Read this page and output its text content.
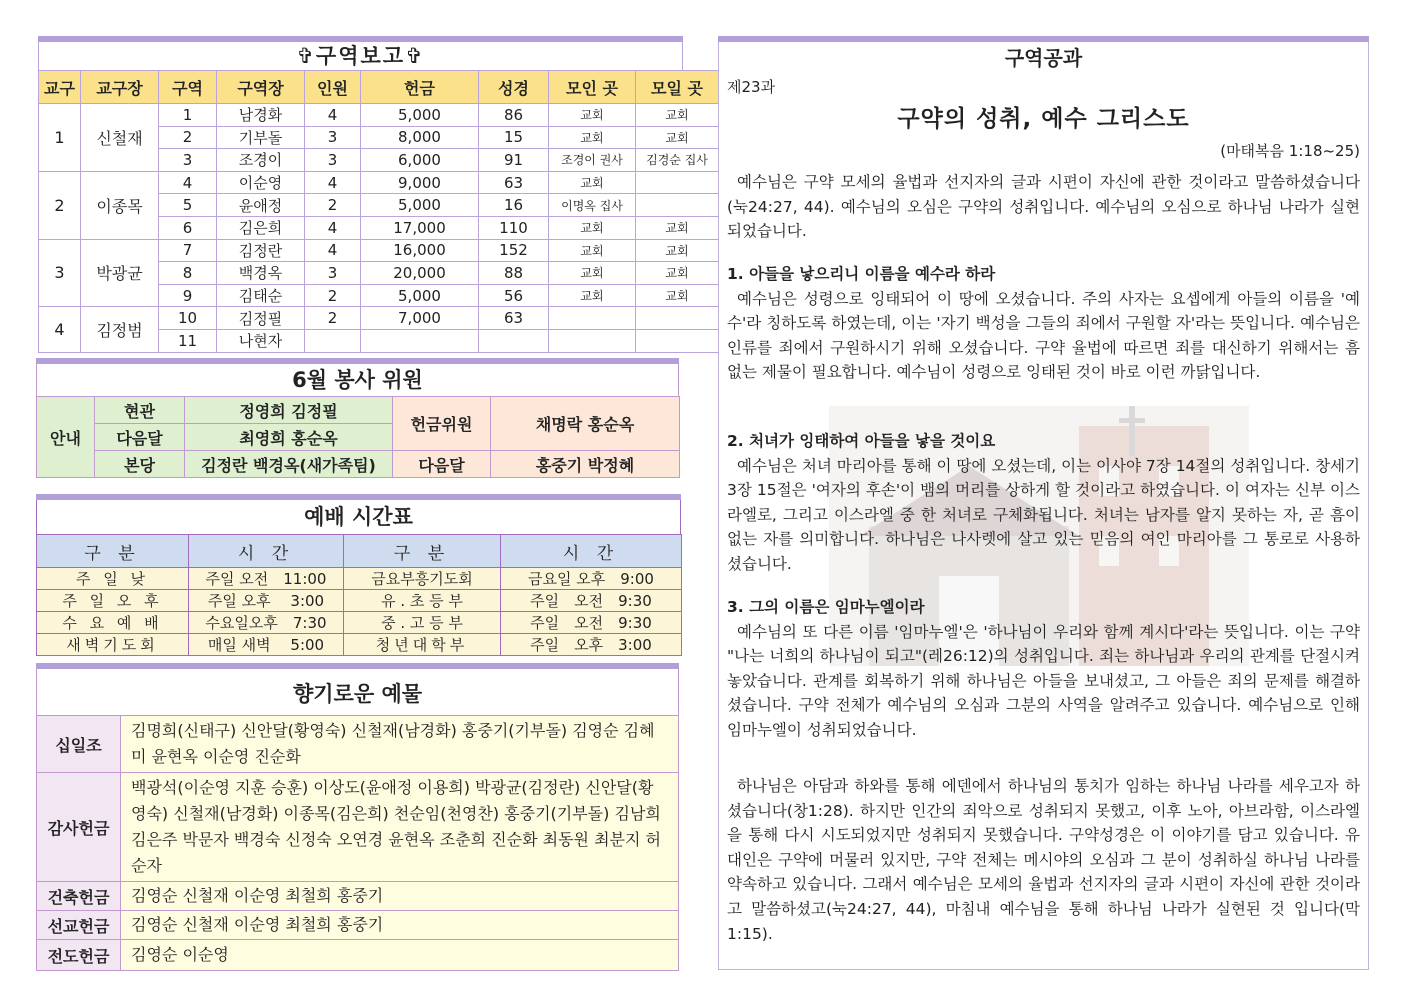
✞구역보고✞
교구	교구장	구역	구역장	인원	헌금	성경	모인 곳	모일 곳
1	신철재	1	남경화	4	5,000	86	교회	교회
		2	기부돌	3	8,000	15	교회	교회
		3	조경이	3	6,000	91	조경이 권사	김경순 집사
2	이종목	4	이순영	4	9,000	63	교회	
		5	윤애정	2	5,000	16	이명옥 집사	
		6	김은희	4	17,000	110	교회	교회
3	박광균	7	김정란	4	16,000	152	교회	교회
		8	백경옥	3	20,000	88	교회	교회
		9	김태순	2	5,000	56	교회	교회
4	김정범	10	김정필	2	7,000	63		
		11	나현자					
6월 봉사 위원
안내	현관	정영희 김정필	헌금위원	채명락 홍순옥
	다음달	최영희 홍순옥		
	본당	김정란 백경옥(새가족팀)	다음달	홍중기 박정혜
예배 시간표
구 분	시 간	구 분	시 간
주 일 낮	주일 오전　11:00	금요부흥기도회	금요일 오후　9:00
주 일 오 후	주일 오후　 3:00	유 . 초 등 부	주일　오전　9:30
수 요 예 배	수요일오후　7:30	중 . 고 등 부	주일　오전　9:30
새벽기도회	매일 새벽　 5:00	청년대학부	주일　오후　3:00
향기로운 예물
십일조	김명희(신태구) 신안달(황영숙) 신철재(남경화) 홍중기(기부돌) 김영순 김혜미 윤현옥 이순영 진순화
감사헌금	백광석(이순영 지훈 승훈) 이상도(윤애정 이용희) 박광균(김정란) 신안달(황영숙) 신철재(남경화) 이종목(김은희) 천순임(천영찬) 홍중기(기부돌) 김남희 김은주 박문자 백경숙 신정숙 오연경 윤현옥 조춘희 진순화 최동원 최분지 허순자
건축헌금	김영순 신철재 이순영 최철희 홍중기
선교헌금	김영순 신철재 이순영 최철희 홍중기
전도헌금	김영순 이순영
구역공과
제23과
구약의 성취, 예수 그리스도
(마태복음 1:18~25)

예수님은 구약 모세의 율법과 선지자의 글과 시편이 자신에 관한 것이라고 말씀하셨습니다(눅24:27, 44). 예수님의 오심은 구약의 성취입니다. 예수님의 오심으로 하나님 나라가 실현되었습니다.

1. 아들을 낳으리니 이름을 예수라 하라

예수님은 성령으로 잉태되어 이 땅에 오셨습니다. 주의 사자는 요셉에게 아들의 이름을 '예수'라 칭하도록 하였는데, 이는 '자기 백성을 그들의 죄에서 구원할 자'라는 뜻입니다. 예수님은 인류를 죄에서 구원하시기 위해 오셨습니다. 구약 율법에 따르면 죄를 대신하기 위해서는 흠 없는 제물이 필요합니다. 예수님이 성령으로 잉태된 것이 바로 이런 까닭입니다.

2. 처녀가 잉태하여 아들을 낳을 것이요

예수님은 처녀 마리아를 통해 이 땅에 오셨는데, 이는 이사야 7장 14절의 성취입니다. 창세기 3장 15절은 '여자의 후손'이 뱀의 머리를 상하게 할 것이라고 하였습니다. 이 여자는 신부 이스라엘로, 그리고 이스라엘 중 한 처녀로 구체화됩니다. 처녀는 남자를 알지 못하는 자, 곧 흠이 없는 자를 의미합니다. 하나님은 나사렛에 살고 있는 믿음의 여인 마리아를 그 통로로 사용하셨습니다.

3. 그의 이름은 임마누엘이라

예수님의 또 다른 이름 '임마누엘'은 '하나님이 우리와 함께 계시다'라는 뜻입니다. 이는 구약 "나는 너희의 하나님이 되고"(레26:12)의 성취입니다. 죄는 하나님과 우리의 관계를 단절시켜 놓았습니다. 관계를 회복하기 위해 하나님은 아들을 보내셨고, 그 아들은 죄의 문제를 해결하셨습니다. 구약 전체가 예수님의 오심과 그분의 사역을 알려주고 있습니다. 예수님으로 인해 임마누엘이 성취되었습니다.

하나님은 아담과 하와를 통해 에덴에서 하나님의 통치가 임하는 하나님 나라를 세우고자 하셨습니다(창1:28). 하지만 인간의 죄악으로 성취되지 못했고, 이후 노아, 아브라함, 이스라엘을 통해 다시 시도되었지만 성취되지 못했습니다. 구약성경은 이 이야기를 담고 있습니다. 유대인은 구약에 머물러 있지만, 구약 전체는 메시야의 오심과 그 분이 성취하실 하나님 나라를 약속하고 있습니다. 그래서 예수님은 모세의 율법과 선지자의 글과 시편이 자신에 관한 것이라고 말씀하셨고(눅24:27, 44), 마침내 예수님을 통해 하나님 나라가 실현된 것 입니다(막 1:15).
